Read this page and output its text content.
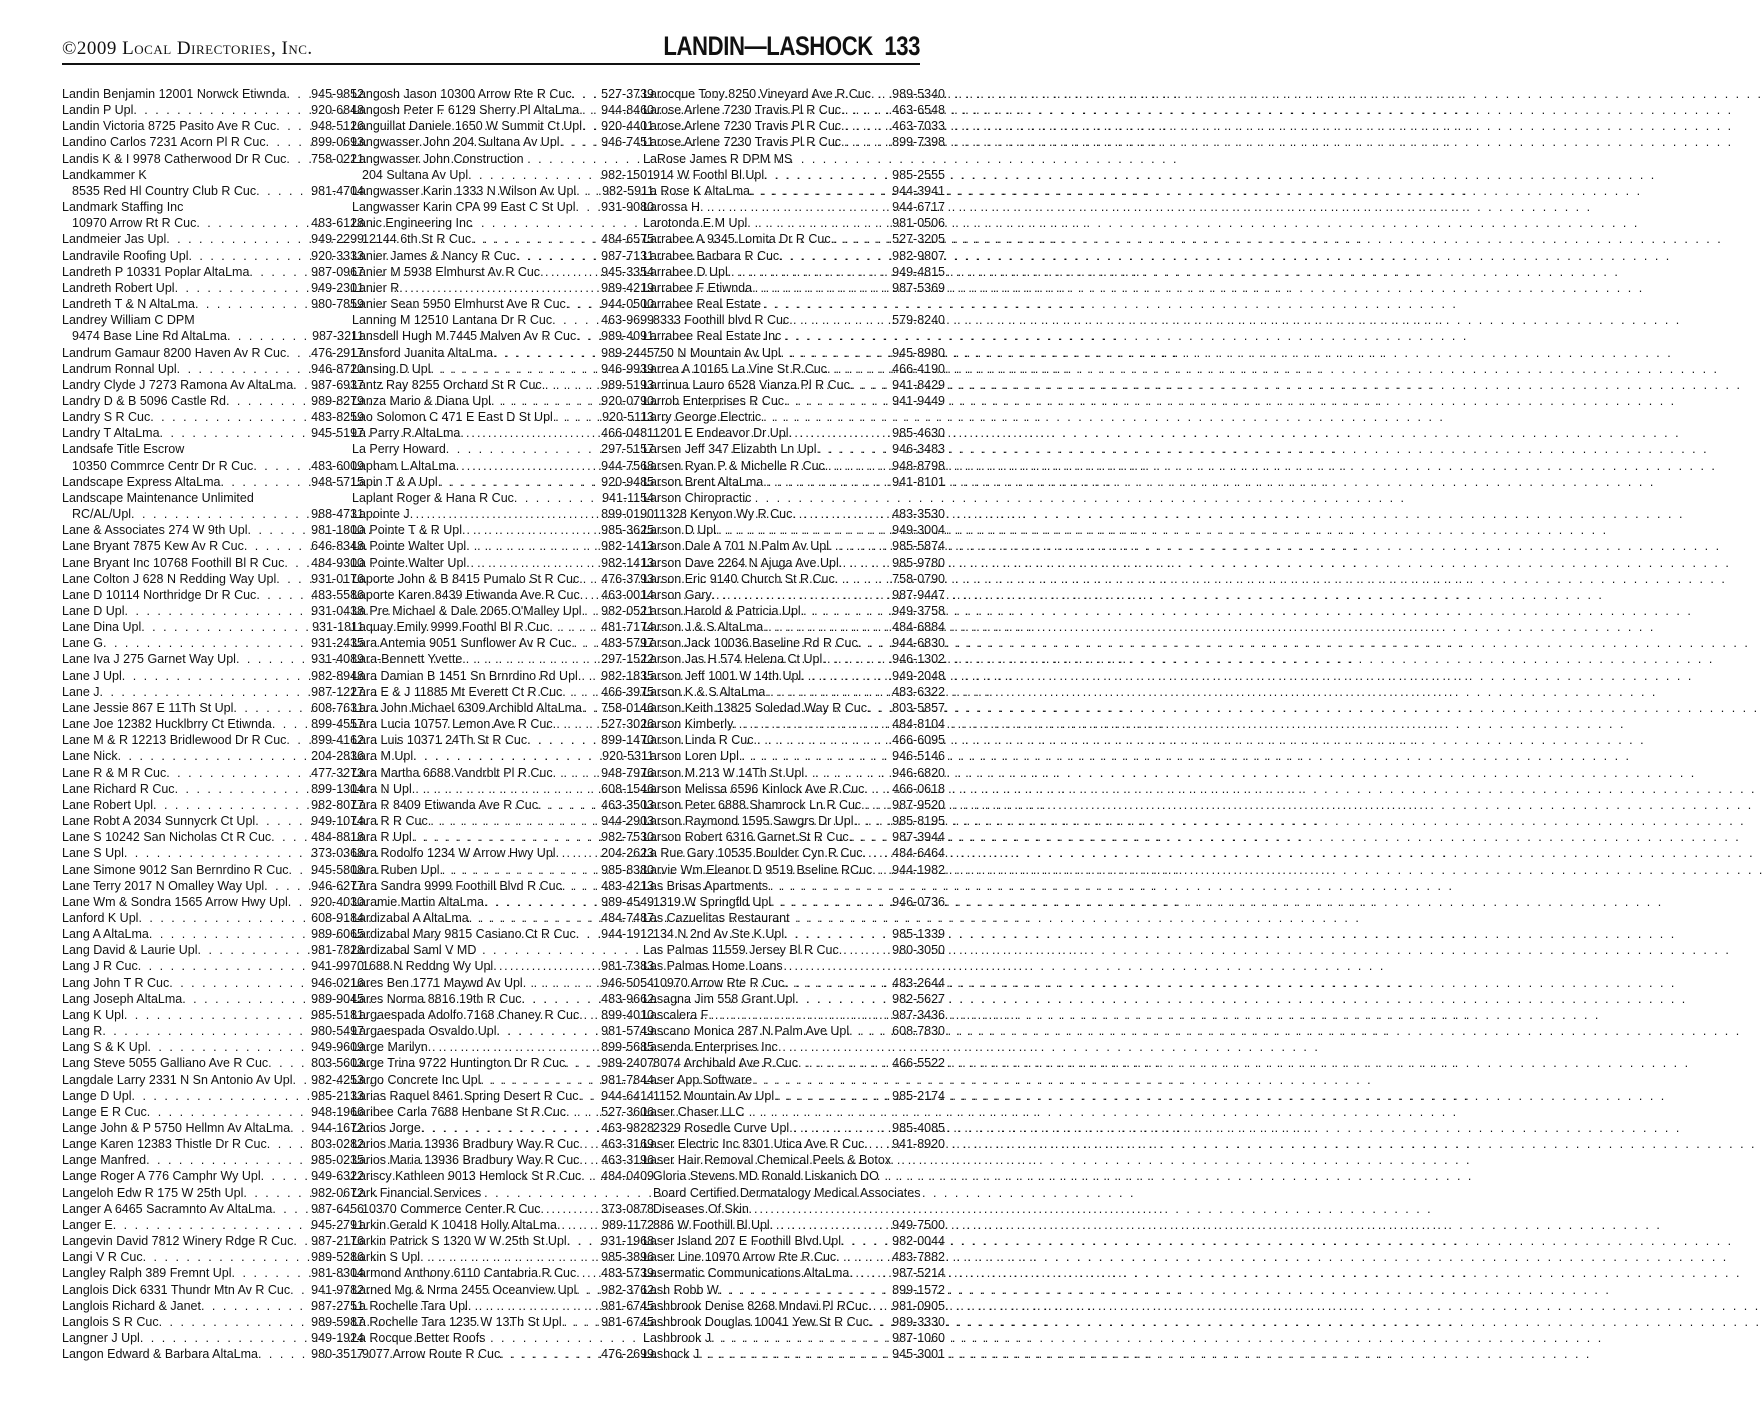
©2009 Local Directories, Inc.	LANDIN—LASHOCK 133
Landin Benjamin 12001 Norwck Etiwnda . . . 945-9852
Landin P Upl . . .	920-6848
Landin Victoria 8725 Pasito Ave R Cuc . . .	948-5126
Landino Carlos 7231 Acorn Pl R Cuc . . .	899-0693
Landis K & I 9978 Catherwood Dr R Cuc . . . 758-0221
Landkammer K
8535 Red Hl Country Club R Cuc . . .	981-4704
Landmark Staffing Inc
10970 Arrow Rt R Cuc . . .	483-6128
Landmeier Jas Upl . . .	949-2299
Landravile Roofing Upl . . .	920-3333
Landreth P 10331 Poplar AltaLma . . .	987-0967
Landreth Robert Upl . . .	949-2301
Landreth T & N AltaLma . . .	980-7859
Landrey William C DPM
9474 Base Line Rd AltaLma . . .	987-3211
Landrum Gamaur 8200 Haven Av R Cuc . . . 476-2917
Landrum Ronnal Upl . . .	946-8720
Landry Clyde J 7273 Ramona Av AltaLma . . . 987-6937
Landry D & B 5096 Castle Rd . . .	989-8279
Landry S R Cuc . . .	483-8259
Landry T AltaLma . . .	945-5197
Landsafe Title Escrow
10350 Commrce Centr Dr R Cuc . . .	483-6009
Landscape Express AltaLma . . .	948-5715
Landscape Maintenance Unlimited
RC/AL/Upl . . .	988-4731
Lane & Associates 274 W 9th Upl . . .	981-1800
Lane Bryant 7875 Kew Av R Cuc . . .	646-8348
Lane Bryant Inc 10768 Foothill Bl R Cuc . . . 484-9300
Lane Colton J 628 N Redding Way Upl . . .	931-0176
Lane D 10114 Northridge Dr R Cuc . . .	483-5586
Lane D Upl . . .	931-0438
Lane Dina Upl . . .	931-1811
Lane G . . .	931-2435
Lane Iva J 275 Garnet Way Upl . . .	931-4089
Lane J Upl . . .	982-8948
Lane J . . .	987-1227
Lane Jessie 867 E 11Th St Upl . . .	608-7631
Lane Joe 12382 Hucklbrry Ct Etiwnda . . .	899-4557
Lane M & R 12213 Bridlewood Dr R Cuc . . . 899-4162
Lane Nick . . .	204-2836
Lane R & M R Cuc . . .	477-3273
Lane Richard R Cuc . . .	899-1304
Lane Robert Upl . . .	982-8077
Lane Robt A 2034 Sunnycrk Ct Upl . . .	949-1074
Lane S 10242 San Nicholas Ct R Cuc . . .	484-8818
Lane S Upl . . .	373-0368
Lane Simone 9012 San Bernrdino R Cuc . . . 945-5808
Lane Terry 2017 N Omalley Way Upl . . .	946-6277
Lane Wm & Sondra 1565 Arrow Hwy Upl . . . 920-4030
Lanford K Upl . . .	608-9184
Lang A AltaLma . . .	989-6065
Lang David & Laurie Upl . . .	981-7828
Lang J R Cuc . . .	941-9970
Lang John T R Cuc . . .	946-0216
Lang Joseph AltaLma . . .	989-9045
Lang K Upl . . .	985-5181
Lang R . . .	980-5497
Lang S & K Upl . . .	949-9609
Lang Steve 5055 Galliano Ave R Cuc . . .	803-5603
Langdale Larry 2331 N Sn Antonio Av Upl . . . 982-4253
Lange D Upl . . .	985-2133
Lange E R Cuc . . .	948-1966
Lange John & P 5750 Hellmn Av AltaLma . . . 944-1672
Lange Karen 12383 Thistle Dr R Cuc . . .	803-0282
Lange Manfred . . .	985-0235
Lange Roger A 776 Camphr Wy Upl . . .	949-6322
Langeloh Edw R 175 W 25th Upl . . .	982-0672
Langer A 6465 Sacramnto Av AltaLma . . .	987-6456
Langer E . . .	945-2791
Langevin David 7812 Winery Rdge R Cuc . . . 987-2176
Langi V R Cuc . . .	989-5286
Langley Ralph 389 Fremnt Upl . . .	981-8304
Langlois Dick 6331 Thundr Mtn Av R Cuc . . . 941-9782
Langlois Richard & Janet . . .	987-2751
Langlois S R Cuc . . .	989-5987
Langner J Upl . . .	949-1924
Langon Edward & Barbara AltaLma . . .	980-3517
Langosh Jason 10300 Arrow Rte R Cuc . . . 527-3739
Langosh Peter F 6129 Sherry Pl AltaLma . . . 944-8460
Languillat Daniele 1650 W Summit Ct Upl . . . 920-4401
Langwasser John 204 Sultana Av Upl . . .	946-7451
Langwasser John Construction
204 Sultana Av Upl . . .	982-1501
Langwasser Karin 1333 N Wilson Av Upl . . . 982-5911
Langwasser Karin CPA 99 East C St Upl . . . 931-9080
Lanic Engineering Inc
12144 6th St R Cuc . . .	484-6575
Lanier James & Nancy R Cuc . . .	987-7131
Lanier M 5938 Elmhurst Av R Cuc . . .	945-3354
Lanier R . . .	989-4219
Lanier Sean 5950 Elmhurst Ave R Cuc . . .	944-0500
Lanning M 12510 Lantana Dr R Cuc . . .	463-9699
Lansdell Hugh M 7445 Malven Av R Cuc . . . 989-4091
Lansford Juanita AltaLma . . .	989-2445
Lansing D Upl . . .	946-9939
Lantz Ray 8255 Orchard St R Cuc . . .	989-5193
Lanza Mario & Diana Upl . . .	920-0790
Lao Solomon C 471 E East D St Upl . . .	920-5113
La Parry R AltaLma . . .	466-0481
La Perry Howard . . .	297-5157
Lapham L AltaLma . . .	944-7568
Lapin T & A Upl . . .	920-9485
Laplant Roger & Hana R Cuc . . .	941-1154
Lapointe J . . .	899-0190
La Pointe T & R Upl . . .	985-3625
La Pointe Walter Upl . . .	982-1413
La Pointe Walter Upl . . .	982-1413
Laporte John & B 8415 Pumalo St R Cuc . . . 476-3793
Laporte Karen 8439 Etiwanda Ave R Cuc . . . 463-0014
La Pre Michael & Dale 2065 O'Malley Upl . . . 982-0521
Laquay Emily 9999 Foothl Bl R Cuc . . .	481-7174
Lara Antemia 9051 Sunflower Av R Cuc . . . 483-5797
Lara-Bennett Yvette . . .	297-1522
Lara Damian B 1451 Sn Brnrdino Rd Upl . . . 982-1835
Lara E & J 11885 Mt Everett Ct R Cuc . . .	466-3975
Lara John Michael 6309 Archibld AltaLma . . . 758-0146
Lara Lucia 10757 Lemon Ave R Cuc . . .	527-3026
Lara Luis 10371 24Th St R Cuc . . .	899-1470
Lara M Upl . . .	920-5311
Lara Martha 6688 Vandrblt Pl R Cuc . . .	948-7976
Lara N Upl . . .	608-1546
Lara R 8409 Etiwanda Ave R Cuc . . .	463-3503
Lara R R Cuc . . .	944-2903
Lara R Upl . . .	982-7530
Lara Rodolfo 1234 W Arrow Hwy Upl . . .	204-2623
Lara Ruben Upl . . .	985-8380
Lara Sandra 9999 Foothill Blvd R Cuc . . .	483-4213
Laramie Martin AltaLma . . .	989-4549
Lardizabal A AltaLma . . .	484-7487
Lardizabal Mary 9815 Casiano Ct R Cuc . . . 944-1912
Lardizabal Saml V MD
1688 N Reddng Wy Upl . . .	981-7383
Lares Ben 1771 Maywd Av Upl . . .	946-5054
Lares Norma 8816 19th R Cuc . . .	483-9662
Largaespada Adolfo 7168 Chaney R Cuc . . . 899-4010
Largaespada Osvaldo Upl . . .	981-5749
Large Marilyn . . .	899-5685
Large Trina 9722 Huntington Dr R Cuc . . .	989-2407
Largo Concrete Inc Upl . . .	981-7844
Larias Raquel 8461 Spring Desert R Cuc . . . 944-6414
Laribee Carla 7688 Henbane St R Cuc . . .	527-3606
Larios Jorge . . .	463-9828
Larios Maria 13936 Bradbury Way R Cuc . . . 463-3169
Larios Maria 13936 Bradbury Way R Cuc . . . 463-3196
Lariscy Kathleen 9013 Hemlock St R Cuc . . . 484-0409
Lark Financial Services
10370 Commerce Center R Cuc . . .	373-0878
Larkin Gerald K 10418 Holly AltaLma . . .	989-1172
Larkin Patrick S 1320 W W 25th St Upl . . .	931-1968
Larkin S Upl . . .	985-3896
Larmond Anthony 6110 Cantabria R Cuc . . . 483-5739
Larned Mg & Nrma 2455 Oceanview Upl . . . 982-3762
La Rochelle Tara Upl . . .	981-6745
La Rochelle Tara 1235 W 13Th St Upl . . .	981-6745
La Rocque Better Roofs
9077 Arrow Route R Cuc . . .	476-2699
Larocque Tony 8250 Vineyard Ave R Cuc . . . 989-5340
Larose Arlene 7230 Travis Pl R Cuc . . .	463-6548
Larose Arlene 7230 Travis Pl R Cuc . . .	463-7033
Larose Arlene 7230 Travis Pl R Cuc . . .	899-7398
LaRose James R DPM MS
914 W Foothl Bl Upl . . .	985-2555
La Rose K AltaLma . . .	944-3941
Larossa H . . .	944-6717
Larotonda E M Upl . . .	981-0506
Larrabee A 9345 Lomita Dr R Cuc . . .	527-3205
Larrabee Barbara R Cuc . . .	982-9807
Larrabee D Upl . . .	949-4815
Larrabee F Etiwnda . . .	987-5369
Larrabee Real Estate
8333 Foothill blvd R Cuc . . .	579-8240
Larrabee Real Estate Inc
750 N Mountain Av Upl . . .	945-8980
Larrea A 10165 La Vine St R Cuc . . .	466-4190
Larrinua Lauro 6528 Vianza Pl R Cuc . . .	941-8429
Larrob Enterprises R Cuc . . .	941-9449
Larry George Electric
1201 E Endeavor Dr Upl . . .	985-4630
Larsen Jeff 347 Elizabth Ln Upl . . .	946-3483
Larsen Ryan P & Michelle R Cuc . . .	948-8798
Larson Brent AltaLma . . .	941-8101
Larson Chiropractic
11328 Kenyon Wy R Cuc . . .	483-3530
Larson D Upl . . .	949-3004
Larson Dale A 701 N Palm Av Upl . . .	985-5874
Larson Dave 2264 N Ajuga Ave Upl . . .	985-9780
Larson Eric 9140 Church St R Cuc . . .	758-0790
Larson Gary . . .	987-9447
Larson Harold & Patricia Upl . . .	949-3758
Larson J & S AltaLma . . .	484-6884
Larson Jack 10036 Baseline Rd R Cuc . . .	944-6830
Larson Jas H 574 Helena Ct Upl . . .	946-1302
Larson Jeff 1001 W 14th Upl . . .	949-2048
Larson K & S AltaLma . . .	483-6322
Larson Keith 13825 Soledad Way R Cuc . . . 803-5857
Larson Kimberly . . .	484-8104
Larson Linda R Cuc . . .	466-6095
Larson Loren Upl . . .	946-5146
Larson M 213 W 14Th St Upl . . .	946-6820
Larson Melissa 6596 Kinlock Ave R Cuc . . . 466-0618
Larson Peter 6888 Shamrock Ln R Cuc . . . 987-9520
Larson Raymond 1595 Sawgrs Dr Upl . . .	985-8195
Larson Robert 6316 Garnet St R Cuc . . .	987-3944
La Rue Gary 10535 Boulder Cyn R Cuc . . . 484-6464
Larvie Wm Eleanor D 9519 Bseline RCuc . . . 944-1982
Las Brisas Apartments
1319 W Springfld Upl . . .	946-0736
Las Cazuelitas Restaurant
134 N 2nd Av Ste K Upl . . .	985-1339
Las Palmas 11559 Jersey Bl R Cuc . . .	980-3050
Las Palmas Home Loans
10970 Arrow Rte R Cuc . . .	483-2644
Lasagna Jim 558 Grant Upl . . .	982-5627
Lascalera F . . .	987-3436
Lascano Monica 287 N Palm Ave Upl . . .	608-7830
Lasenda Enterprises Inc
8074 Archibald Ave R Cuc . . .	466-5522
Laser App Software
1152 Mountain Av Upl . . .	985-2174
Laser Chaser LLC
2329 Rosedle Curve Upl . . .	985-4085
Laser Electric Inc 8301 Utica Ave R Cuc . . . 941-8920
Laser Hair Removal Chemical Peels & Botox
Gloria Stevens MD Ronald Liskanich DO
Board Certified Dermatalogy Medical Associates
Diseases Of Skin
886 W Foothill Bl Upl . . .	949-7500
Laser Island 207 E Foothill Blvd Upl . . .	982-0044
Laser Line 10970 Arrow Rte R Cuc . . .	483-7882
Lasermatic Communications AltaLma . . .	987-5214
Lash Robb W . . .	899-1572
Lashbrook Denise 8268 Mndavi Pl RCuc . . . 981-0905
Lashbrook Douglas 10041 Yew St R Cuc . . . 989-3330
Lashbrook J . . .	987-1060
Lashock J . . .	945-3001
